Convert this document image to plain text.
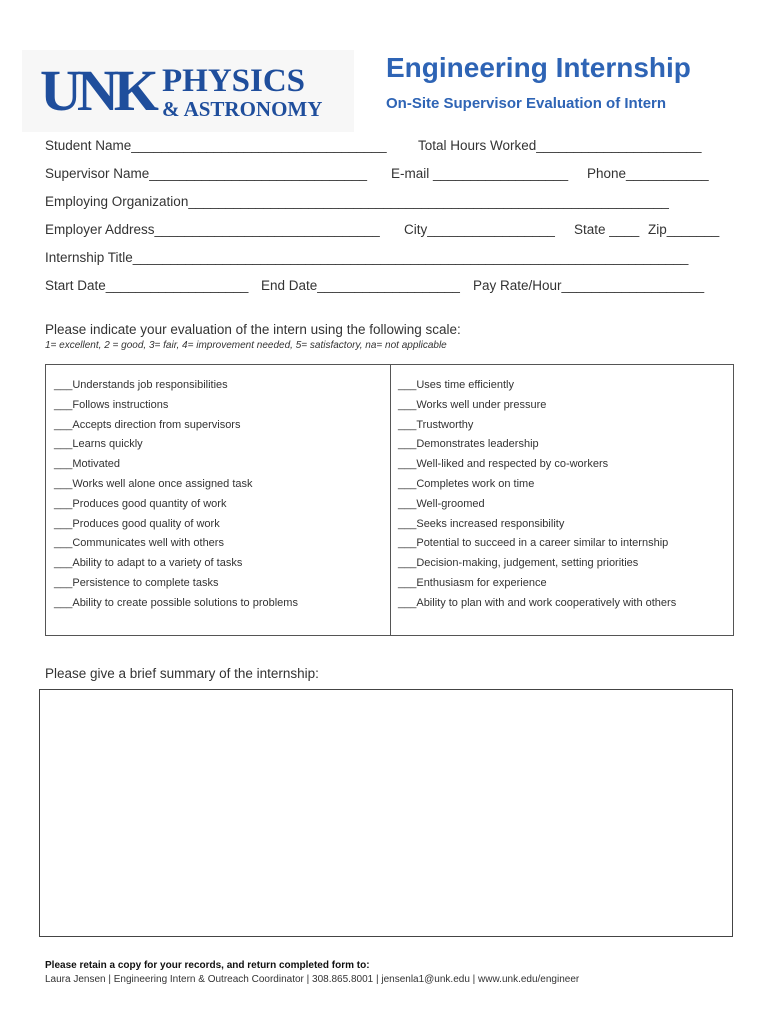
UNK PHYSICS
& ASTRONOMY
Engineering Internship
On-Site Supervisor Evaluation of Intern
Student Name__________________________________ Total Hours Worked______________________
Supervisor Name_____________________________ E-mail __________________ Phone___________
Employing Organization________________________________________________________________
Employer Address______________________________ City_________________ State ____ Zip_______
Internship Title__________________________________________________________________________
Start Date___________________ End Date___________________ Pay Rate/Hour___________________
Please indicate your evaluation of the intern using the following scale:
1= excellent, 2 = good, 3= fair, 4= improvement needed, 5= satisfactory, na= not applicable
___Understands job responsibilities
___Follows instructions
___Accepts direction from supervisors
___Learns quickly
___Motivated
___Works well alone once assigned task
___Produces good quantity of work
___Produces good quality of work
___Communicates well with others
___Ability to adapt to a variety of tasks
___Persistence to complete tasks
___Ability to create possible solutions to problems
___Uses time efficiently
___Works well under pressure
___Trustworthy
___Demonstrates leadership
___Well-liked and respected by co-workers
___Completes work on time
___Well-groomed
___Seeks increased responsibility
___Potential to succeed in a career similar to internship
___Decision-making, judgement, setting priorities
___Enthusiasm for experience
___Ability to plan with and work cooperatively with others
Please give a brief summary of the internship:
Please retain a copy for your records, and return completed form to:
Laura Jensen | Engineering Intern & Outreach Coordinator | 308.865.8001 | jensenla1@unk.edu | www.unk.edu/engineer
